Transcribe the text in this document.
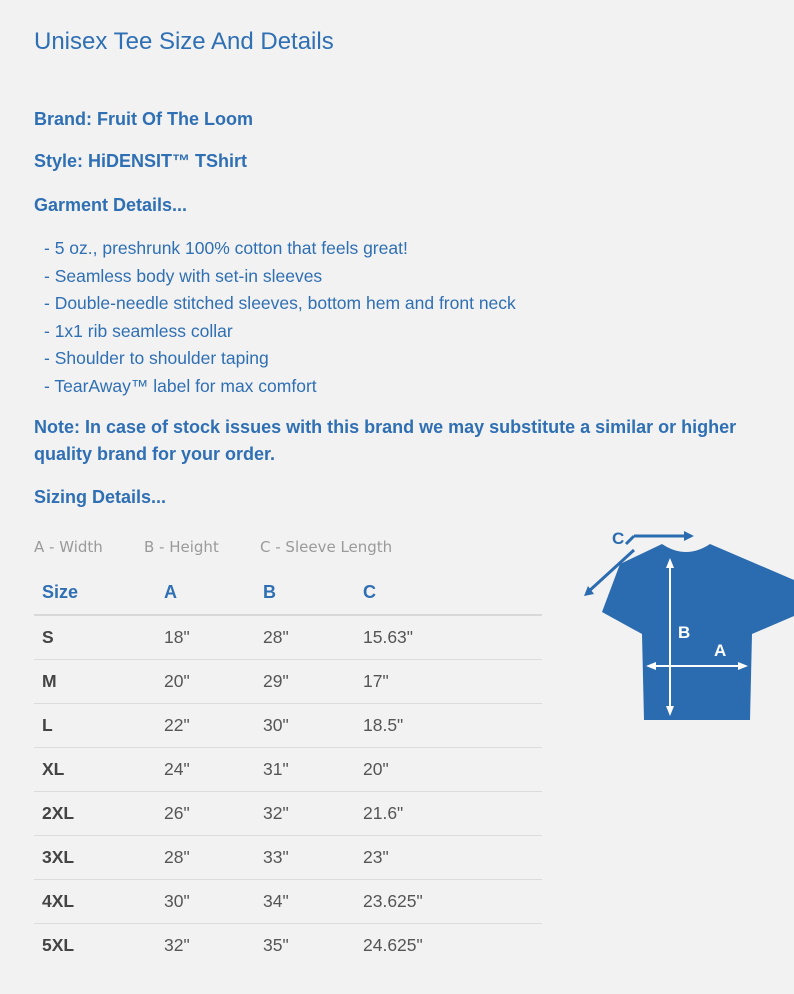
Unisex Tee Size And Details
Brand: Fruit Of The Loom
Style: HiDENSIT™ TShirt
Garment Details...
- 5 oz., preshrunk 100% cotton that feels great!
- Seamless body with set-in sleeves
- Double-needle stitched sleeves, bottom hem and front neck
- 1x1 rib seamless collar
- Shoulder to shoulder taping
- TearAway™ label for max comfort
Note: In case of stock issues with this brand we may substitute a similar or higher quality brand for your order.
Sizing Details...
A - Width	B - Height	C - Sleeve Length
Size	A	B	C
S	18"	28"	15.63"
M	20"	29"	17"
L	22"	30"	18.5"
XL	24"	31"	20"
2XL	26"	32"	21.6"
3XL	28"	33"	23"
4XL	30"	34"	23.625"
5XL	32"	35"	24.625"
C
B
A
